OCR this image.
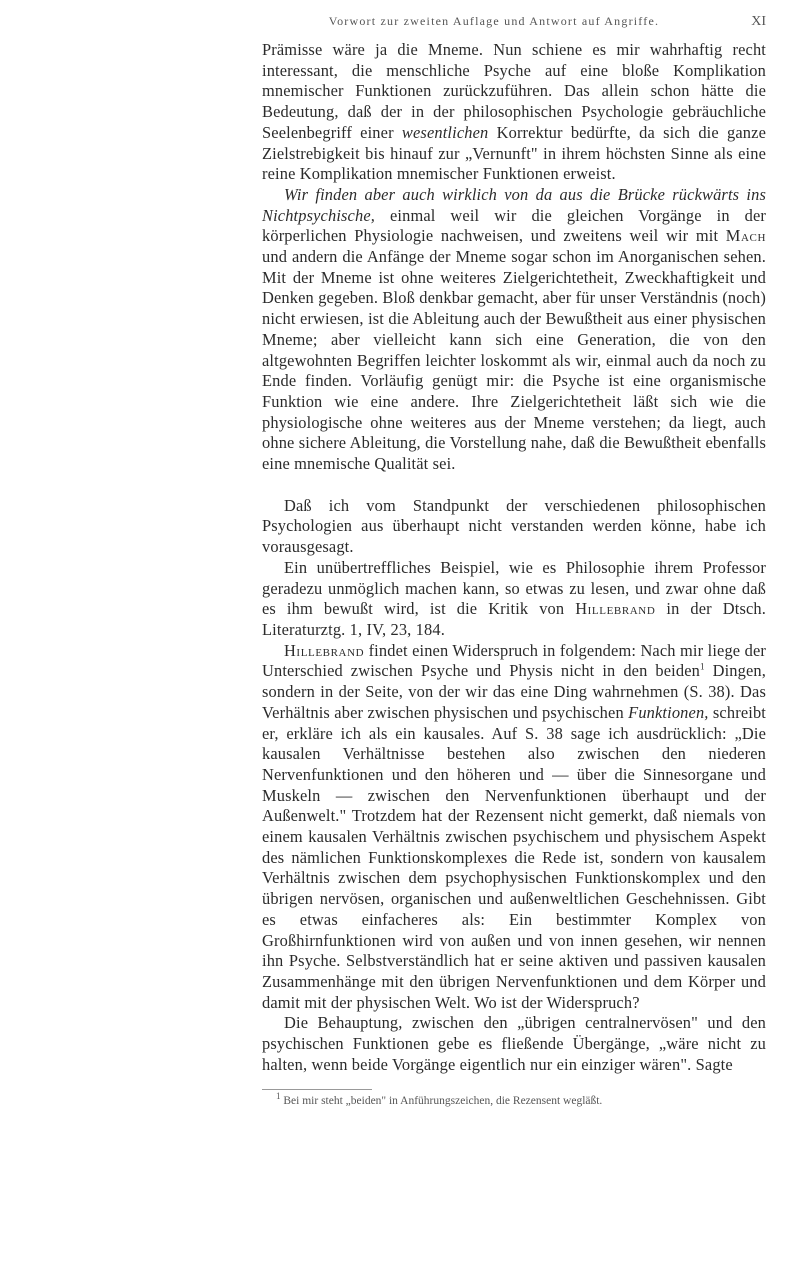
Vorwort zur zweiten Auflage und Antwort auf Angriffe.	XI

Prämisse wäre ja die Mneme. Nun schiene es mir wahrhaftig recht interessant, die menschliche Psyche auf eine bloße Komplikation mnemischer Funktionen zurückzuführen. Das allein schon hätte die Bedeutung, daß der in der philosophischen Psychologie gebräuchliche Seelenbegriff einer wesentlichen Korrektur bedürfte, da sich die ganze Zielstrebigkeit bis hinauf zur „Vernunft" in ihrem höchsten Sinne als eine reine Komplikation mnemischer Funktionen erweist.

Wir finden aber auch wirklich von da aus die Brücke rückwärts ins Nichtpsychische, einmal weil wir die gleichen Vorgänge in der körperlichen Physiologie nachweisen, und zweitens weil wir mit Mach und andern die Anfänge der Mneme sogar schon im Anorganischen sehen. Mit der Mneme ist ohne weiteres Zielgerichtetheit, Zweckhaftigkeit und Denken gegeben. Bloß denkbar gemacht, aber für unser Verständnis (noch) nicht erwiesen, ist die Ableitung auch der Bewußtheit aus einer physischen Mneme; aber vielleicht kann sich eine Generation, die von den altgewohnten Begriffen leichter loskommt als wir, einmal auch da noch zu Ende finden. Vorläufig genügt mir: die Psyche ist eine organismische Funktion wie eine andere. Ihre Zielgerichtetheit läßt sich wie die physiologische ohne weiteres aus der Mneme verstehen; da liegt, auch ohne sichere Ableitung, die Vorstellung nahe, daß die Bewußtheit ebenfalls eine mnemische Qualität sei.

Daß ich vom Standpunkt der verschiedenen philosophischen Psychologien aus überhaupt nicht verstanden werden könne, habe ich vorausgesagt.

Ein unübertreffliches Beispiel, wie es Philosophie ihrem Professor geradezu unmöglich machen kann, so etwas zu lesen, und zwar ohne daß es ihm bewußt wird, ist die Kritik von Hillebrand in der Dtsch. Literaturztg. 1, IV, 23, 184.

Hillebrand findet einen Widerspruch in folgendem: Nach mir liege der Unterschied zwischen Psyche und Physis nicht in den beiden$^1$ Dingen, sondern in der Seite, von der wir das eine Ding wahrnehmen (S. 38). Das Verhältnis aber zwischen physischen und psychischen Funktionen, schreibt er, erkläre ich als ein kausales. Auf S. 38 sage ich ausdrücklich: „Die kausalen Verhältnisse bestehen also zwischen den niederen Nervenfunktionen und den höheren und — über die Sinnesorgane und Muskeln — zwischen den Nervenfunktionen überhaupt und der Außenwelt." Trotzdem hat der Rezensent nicht gemerkt, daß niemals von einem kausalen Verhältnis zwischen psychischem und physischem Aspekt des nämlichen Funktionskomplexes die Rede ist, sondern von kausalem Verhältnis zwischen dem psychophysischen Funktionskomplex und den übrigen nervösen, organischen und außenweltlichen Geschehnissen. Gibt es etwas einfacheres als: Ein bestimmter Komplex von Großhirnfunktionen wird von außen und von innen gesehen, wir nennen ihn Psyche. Selbstverständlich hat er seine aktiven und passiven kausalen Zusammenhänge mit den übrigen Nervenfunktionen und dem Körper und damit mit der physischen Welt. Wo ist der Widerspruch?

Die Behauptung, zwischen den „übrigen centralnervösen" und den psychischen Funktionen gebe es fließende Übergänge, „wäre nicht zu halten, wenn beide Vorgänge eigentlich nur ein einziger wären". Sagte

$^1$ Bei mir steht „beiden" in Anführungszeichen, die Rezensent wegläßt.
